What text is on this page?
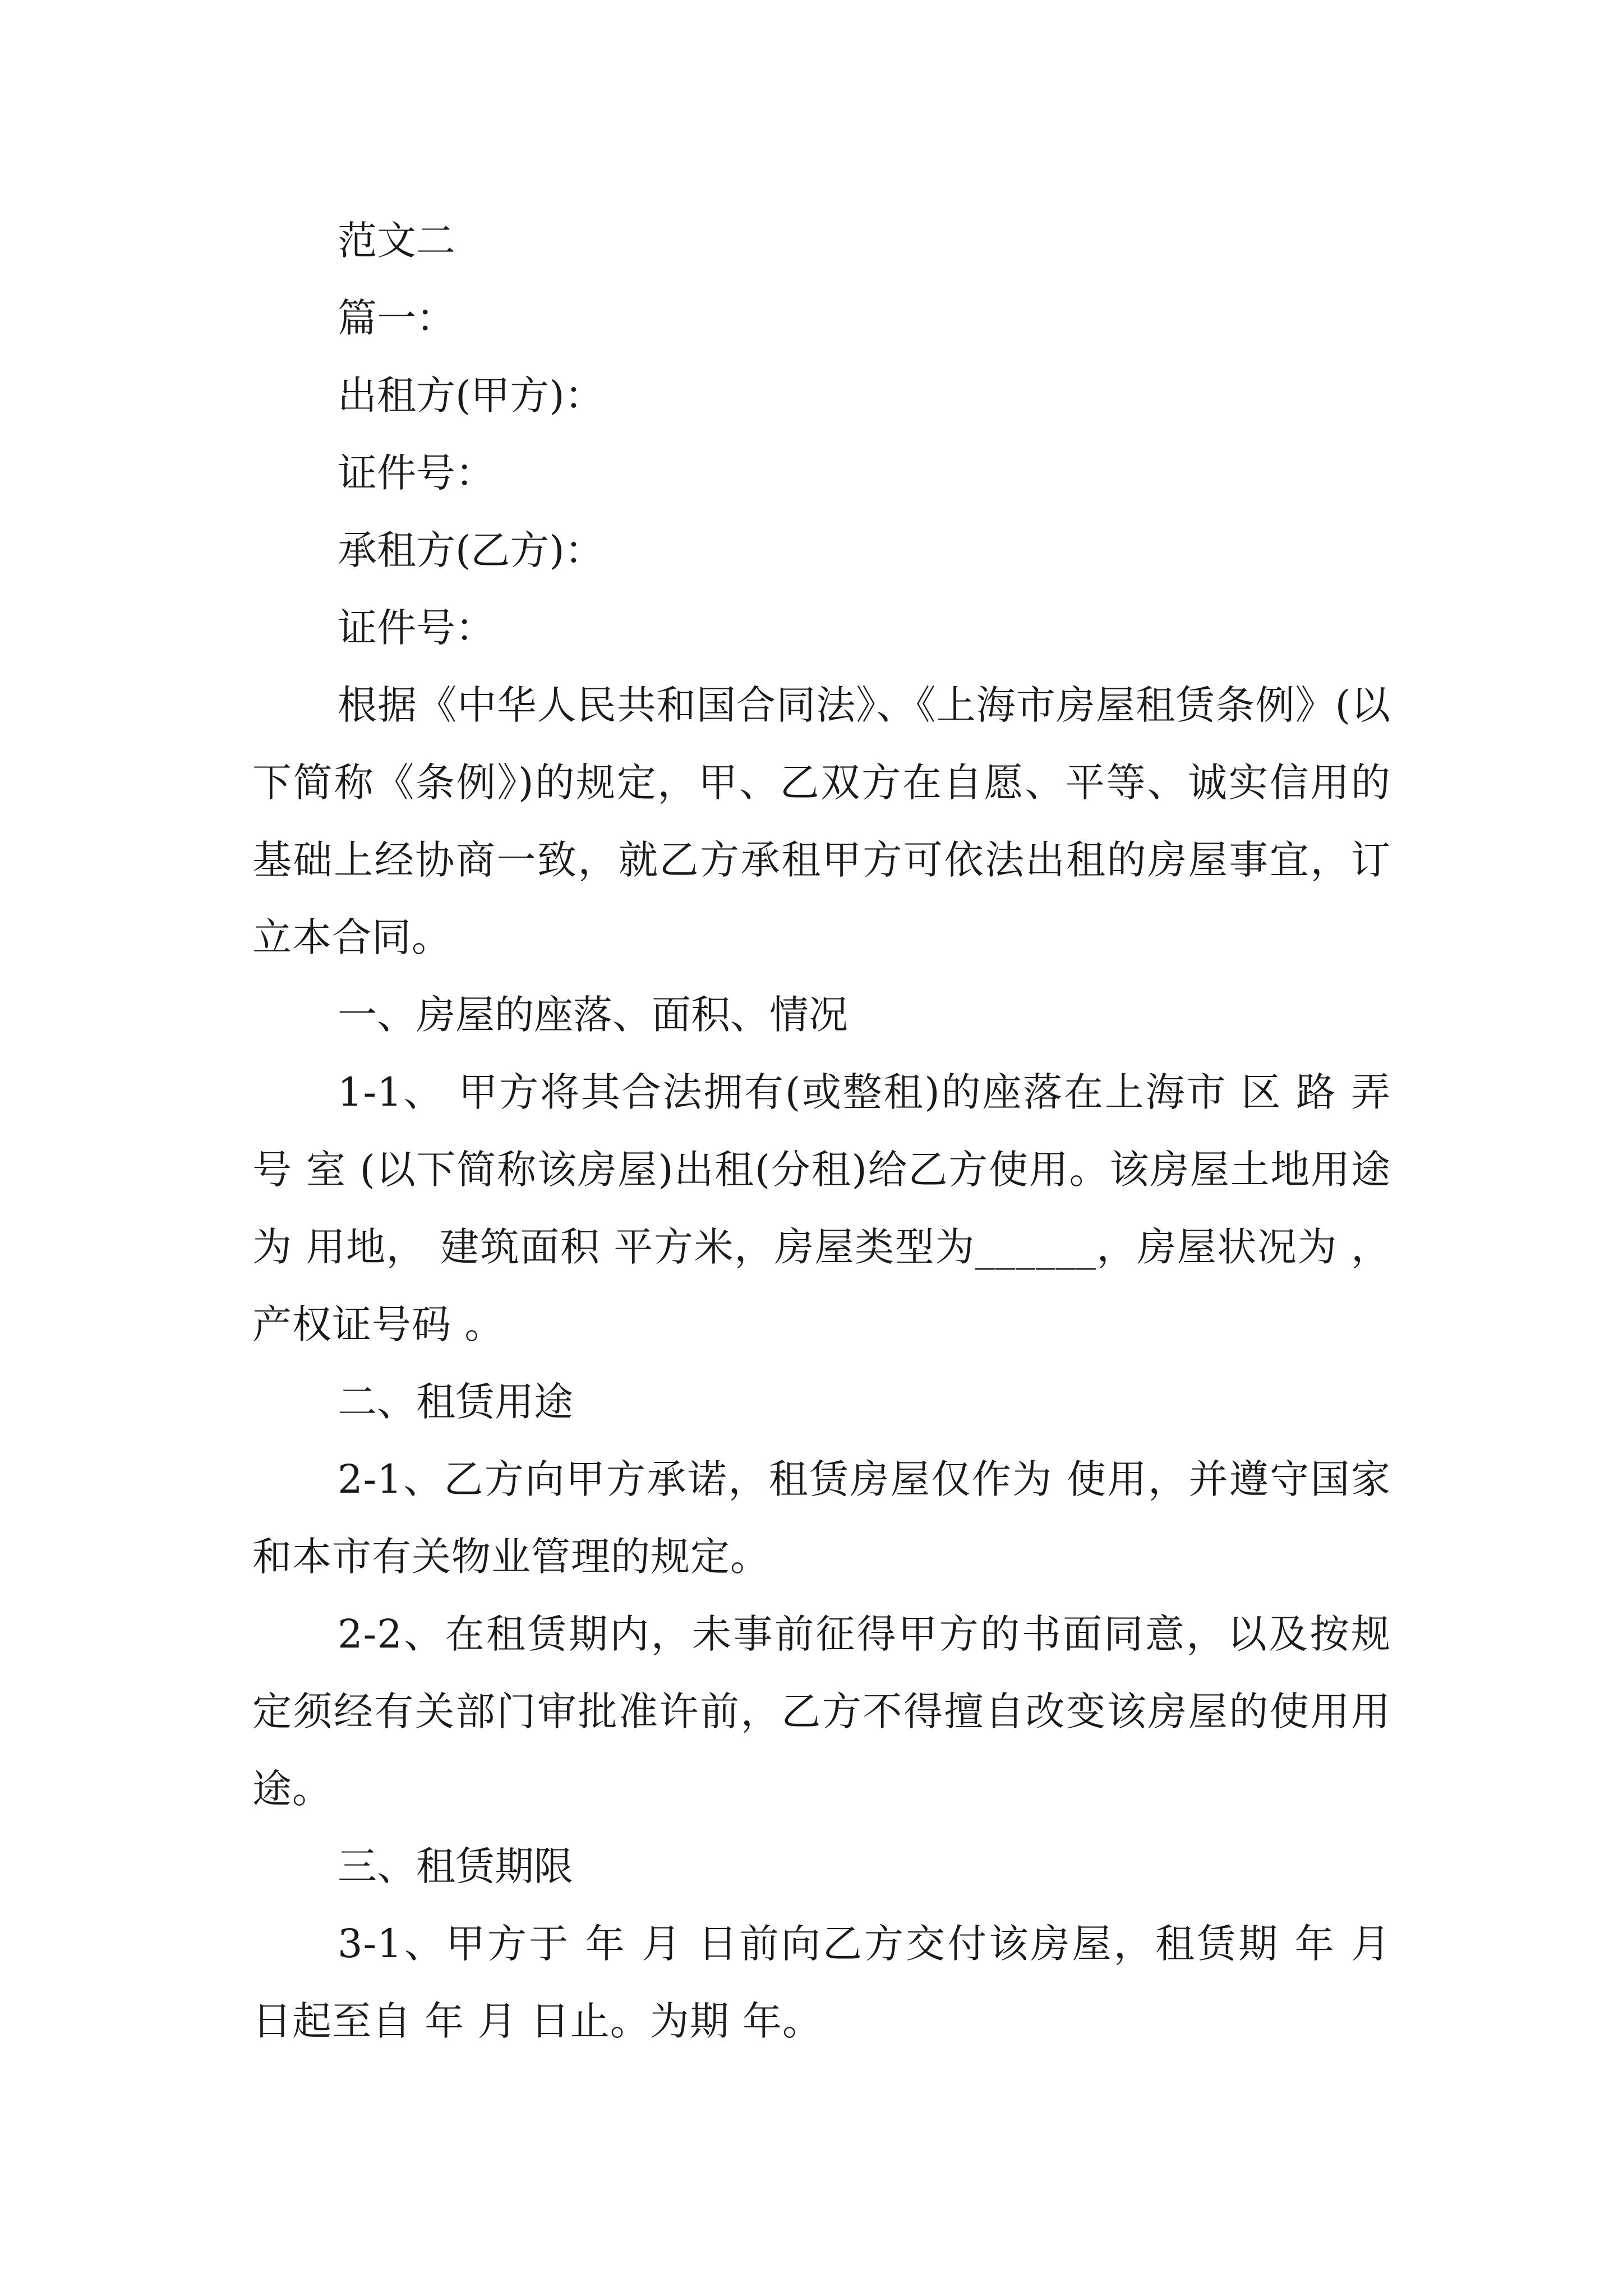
范文二
篇一：
出租方(甲方)：
证件号：
承租方(乙方)：
证件号：
根据《中华人民共和国合同法》、《上海市房屋租赁条例》(以下简称《条例》)的规定，甲、乙双方在自愿、平等、诚实信用的基础上经协商一致，就乙方承租甲方可依法出租的房屋事宜，订立本合同。
一、房屋的座落、面积、情况
1-1、 甲方将其合法拥有(或整租)的座落在上海市 区 路 弄 号 室 (以下简称该房屋)出租(分租)给乙方使用。该房屋土地用途为 用地， 建筑面积 平方米，房屋类型为______，房屋状况为 ，产权证号码 。
二、租赁用途
2-1、乙方向甲方承诺，租赁房屋仅作为 使用，并遵守国家和本市有关物业管理的规定。
2-2、在租赁期内，未事前征得甲方的书面同意，以及按规定须经有关部门审批准许前，乙方不得擅自改变该房屋的使用用途。
三、租赁期限
3-1、甲方于 年 月 日前向乙方交付该房屋，租赁期 年 月 日起至自 年 月 日止。为期 年。
